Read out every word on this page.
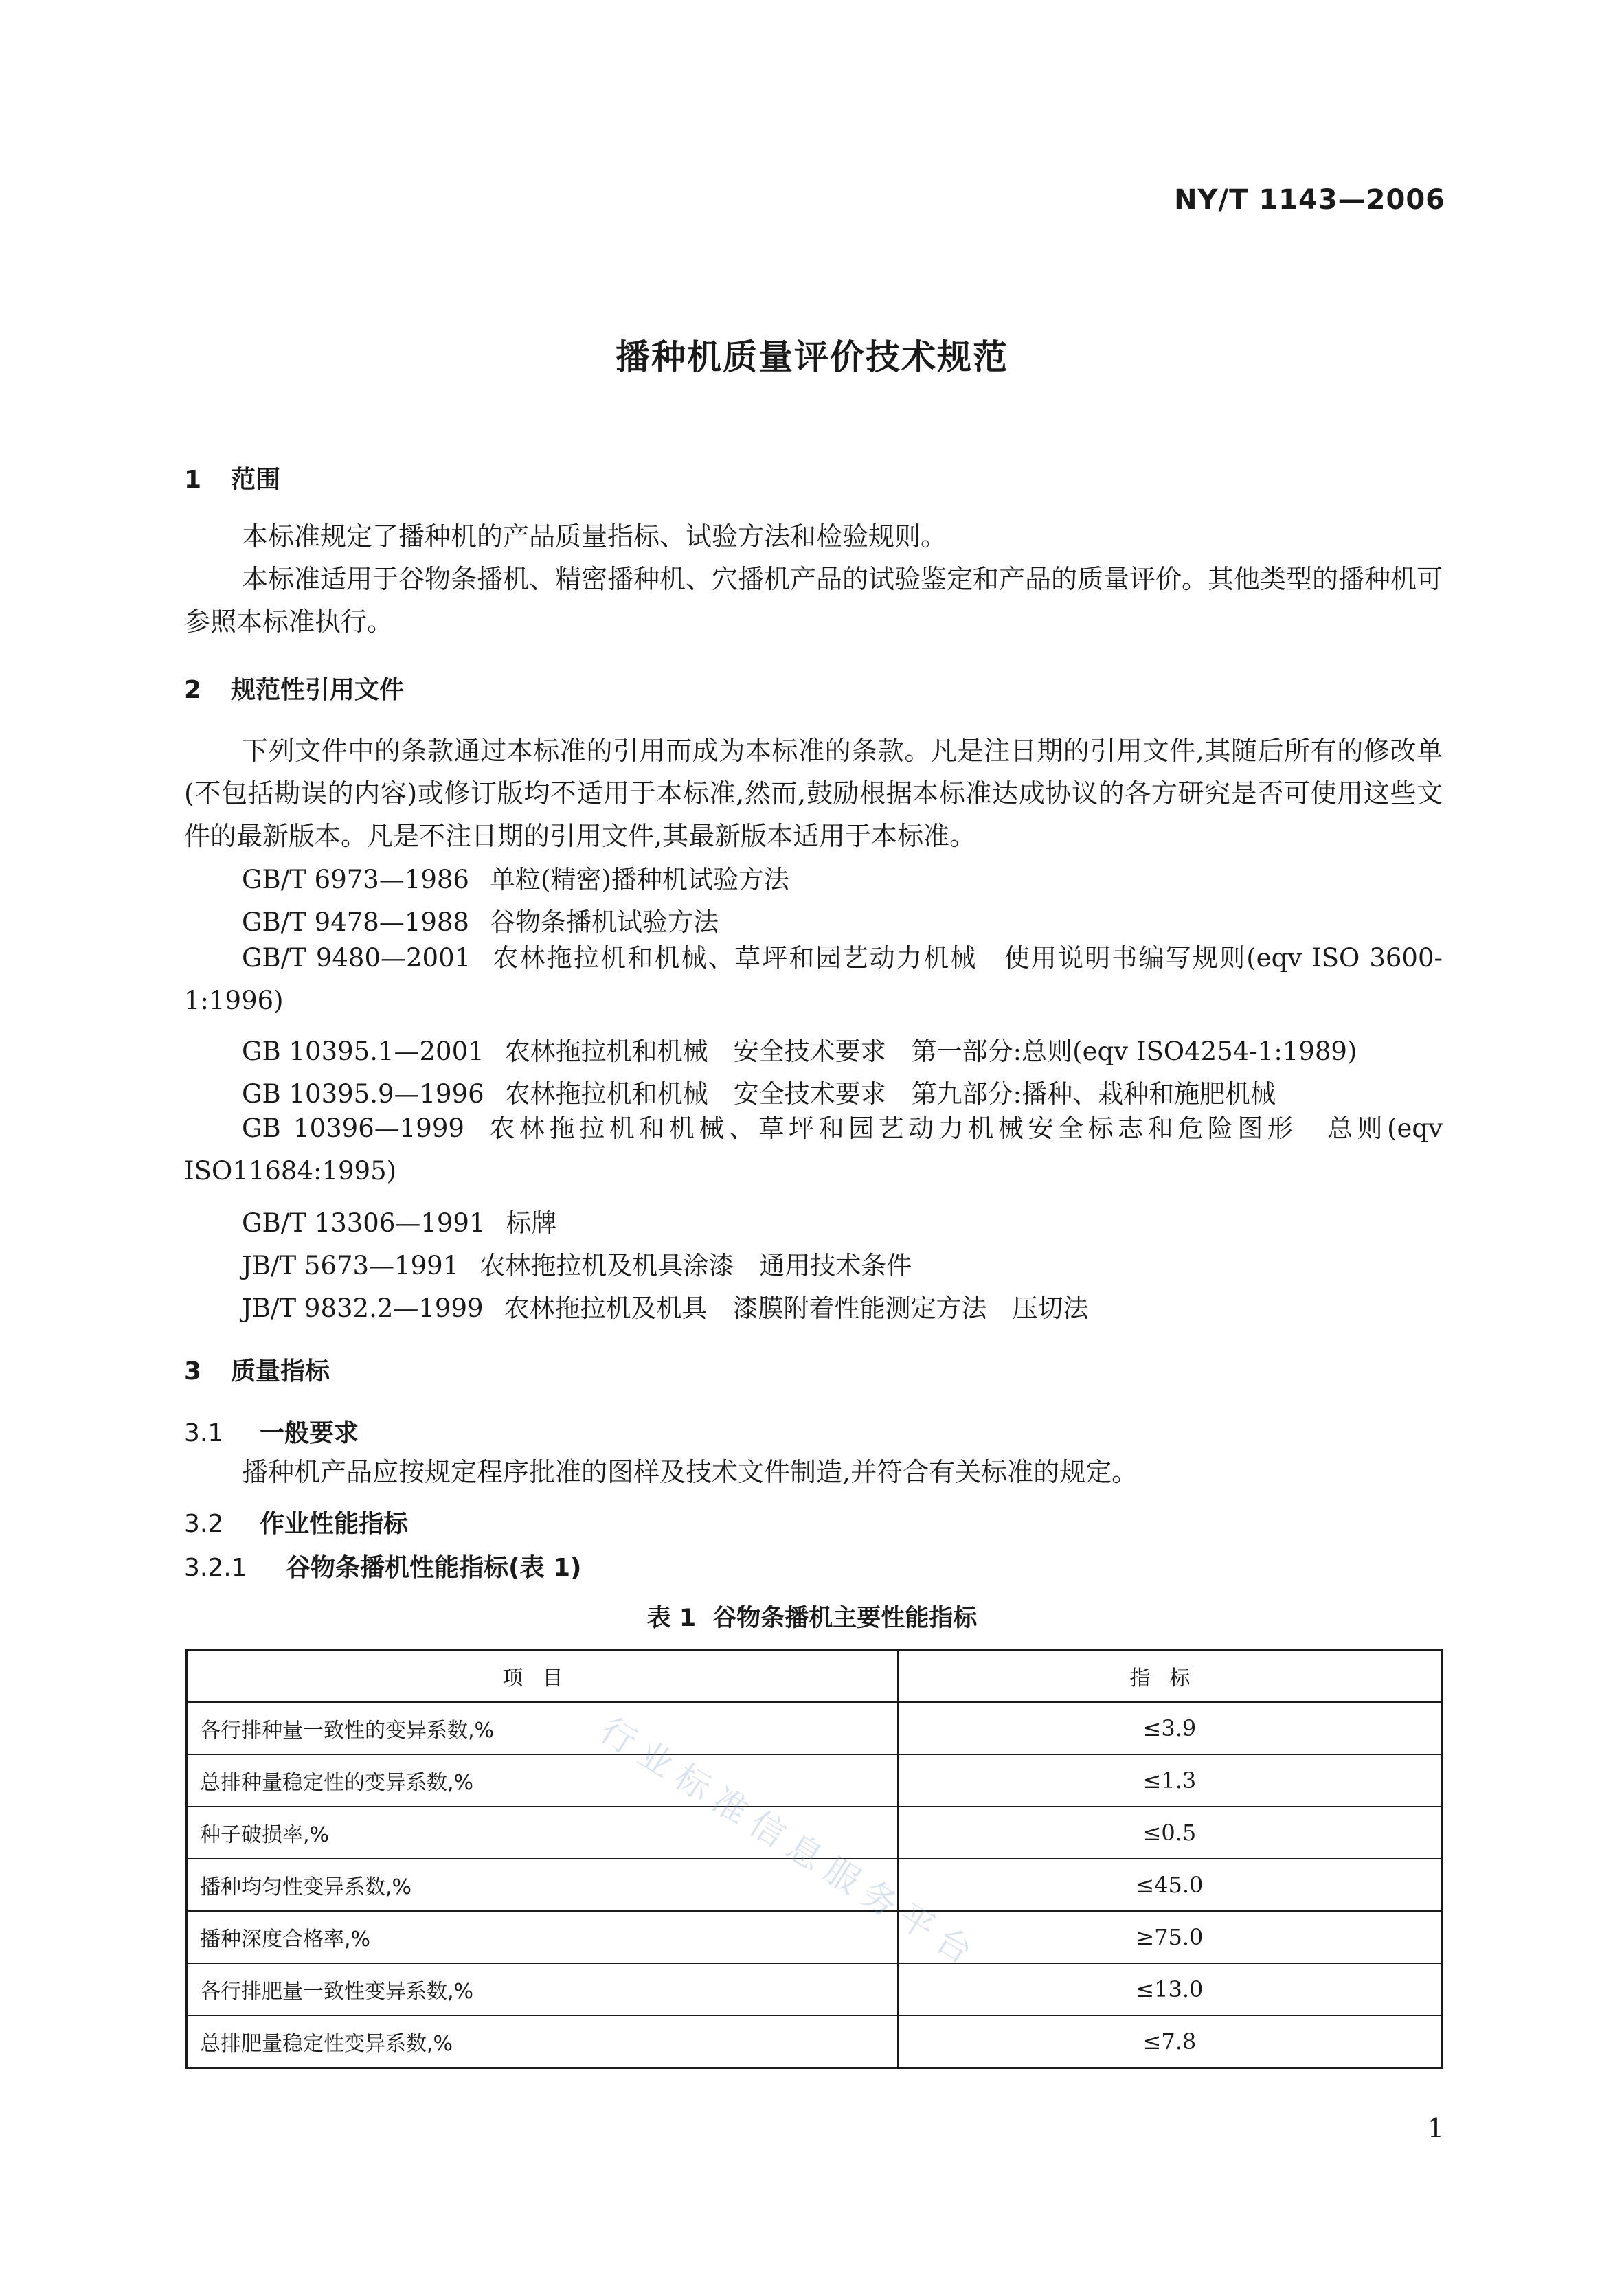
NY/T 1143—2006
播种机质量评价技术规范
1 范围
本标准规定了播种机的产品质量指标、试验方法和检验规则。
本标准适用于谷物条播机、精密播种机、穴播机产品的试验鉴定和产品的质量评价。其他类型的播种机可参照本标准执行。
2 规范性引用文件
下列文件中的条款通过本标准的引用而成为本标准的条款。凡是注日期的引用文件,其随后所有的修改单(不包括勘误的内容)或修订版均不适用于本标准,然而,鼓励根据本标准达成协议的各方研究是否可使用这些文件的最新版本。凡是不注日期的引用文件,其最新版本适用于本标准。
GB/T 6973—1986 单粒(精密)播种机试验方法
GB/T 9478—1988 谷物条播机试验方法
GB/T 9480—2001 农林拖拉机和机械、草坪和园艺动力机械　使用说明书编写规则(eqv ISO 3600-1:1996)
GB 10395.1—2001 农林拖拉机和机械　安全技术要求　第一部分:总则(eqv ISO4254-1:1989)
GB 10395.9—1996 农林拖拉机和机械　安全技术要求　第九部分:播种、栽种和施肥机械
GB 10396—1999 农林拖拉机和机械、草坪和园艺动力机械安全标志和危险图形　总则(eqv ISO11684:1995)
GB/T 13306—1991 标牌
JB/T 5673—1991 农林拖拉机及机具涂漆　通用技术条件
JB/T 9832.2—1999 农林拖拉机及机具　漆膜附着性能测定方法　压切法
3 质量指标
3.1 一般要求
播种机产品应按规定程序批准的图样及技术文件制造,并符合有关标准的规定。
3.2 作业性能指标
3.2.1 谷物条播机性能指标(表 1)
表 1 谷物条播机主要性能指标
项目	指标
各行排种量一致性的变异系数,%	≤3.9
总排种量稳定性的变异系数,%	≤1.3
种子破损率,%	≤0.5
播种均匀性变异系数,%	≤45.0
播种深度合格率,%	≥75.0
各行排肥量一致性变异系数,%	≤13.0
总排肥量稳定性变异系数,%	≤7.8
行业标准信息服务平台
1
